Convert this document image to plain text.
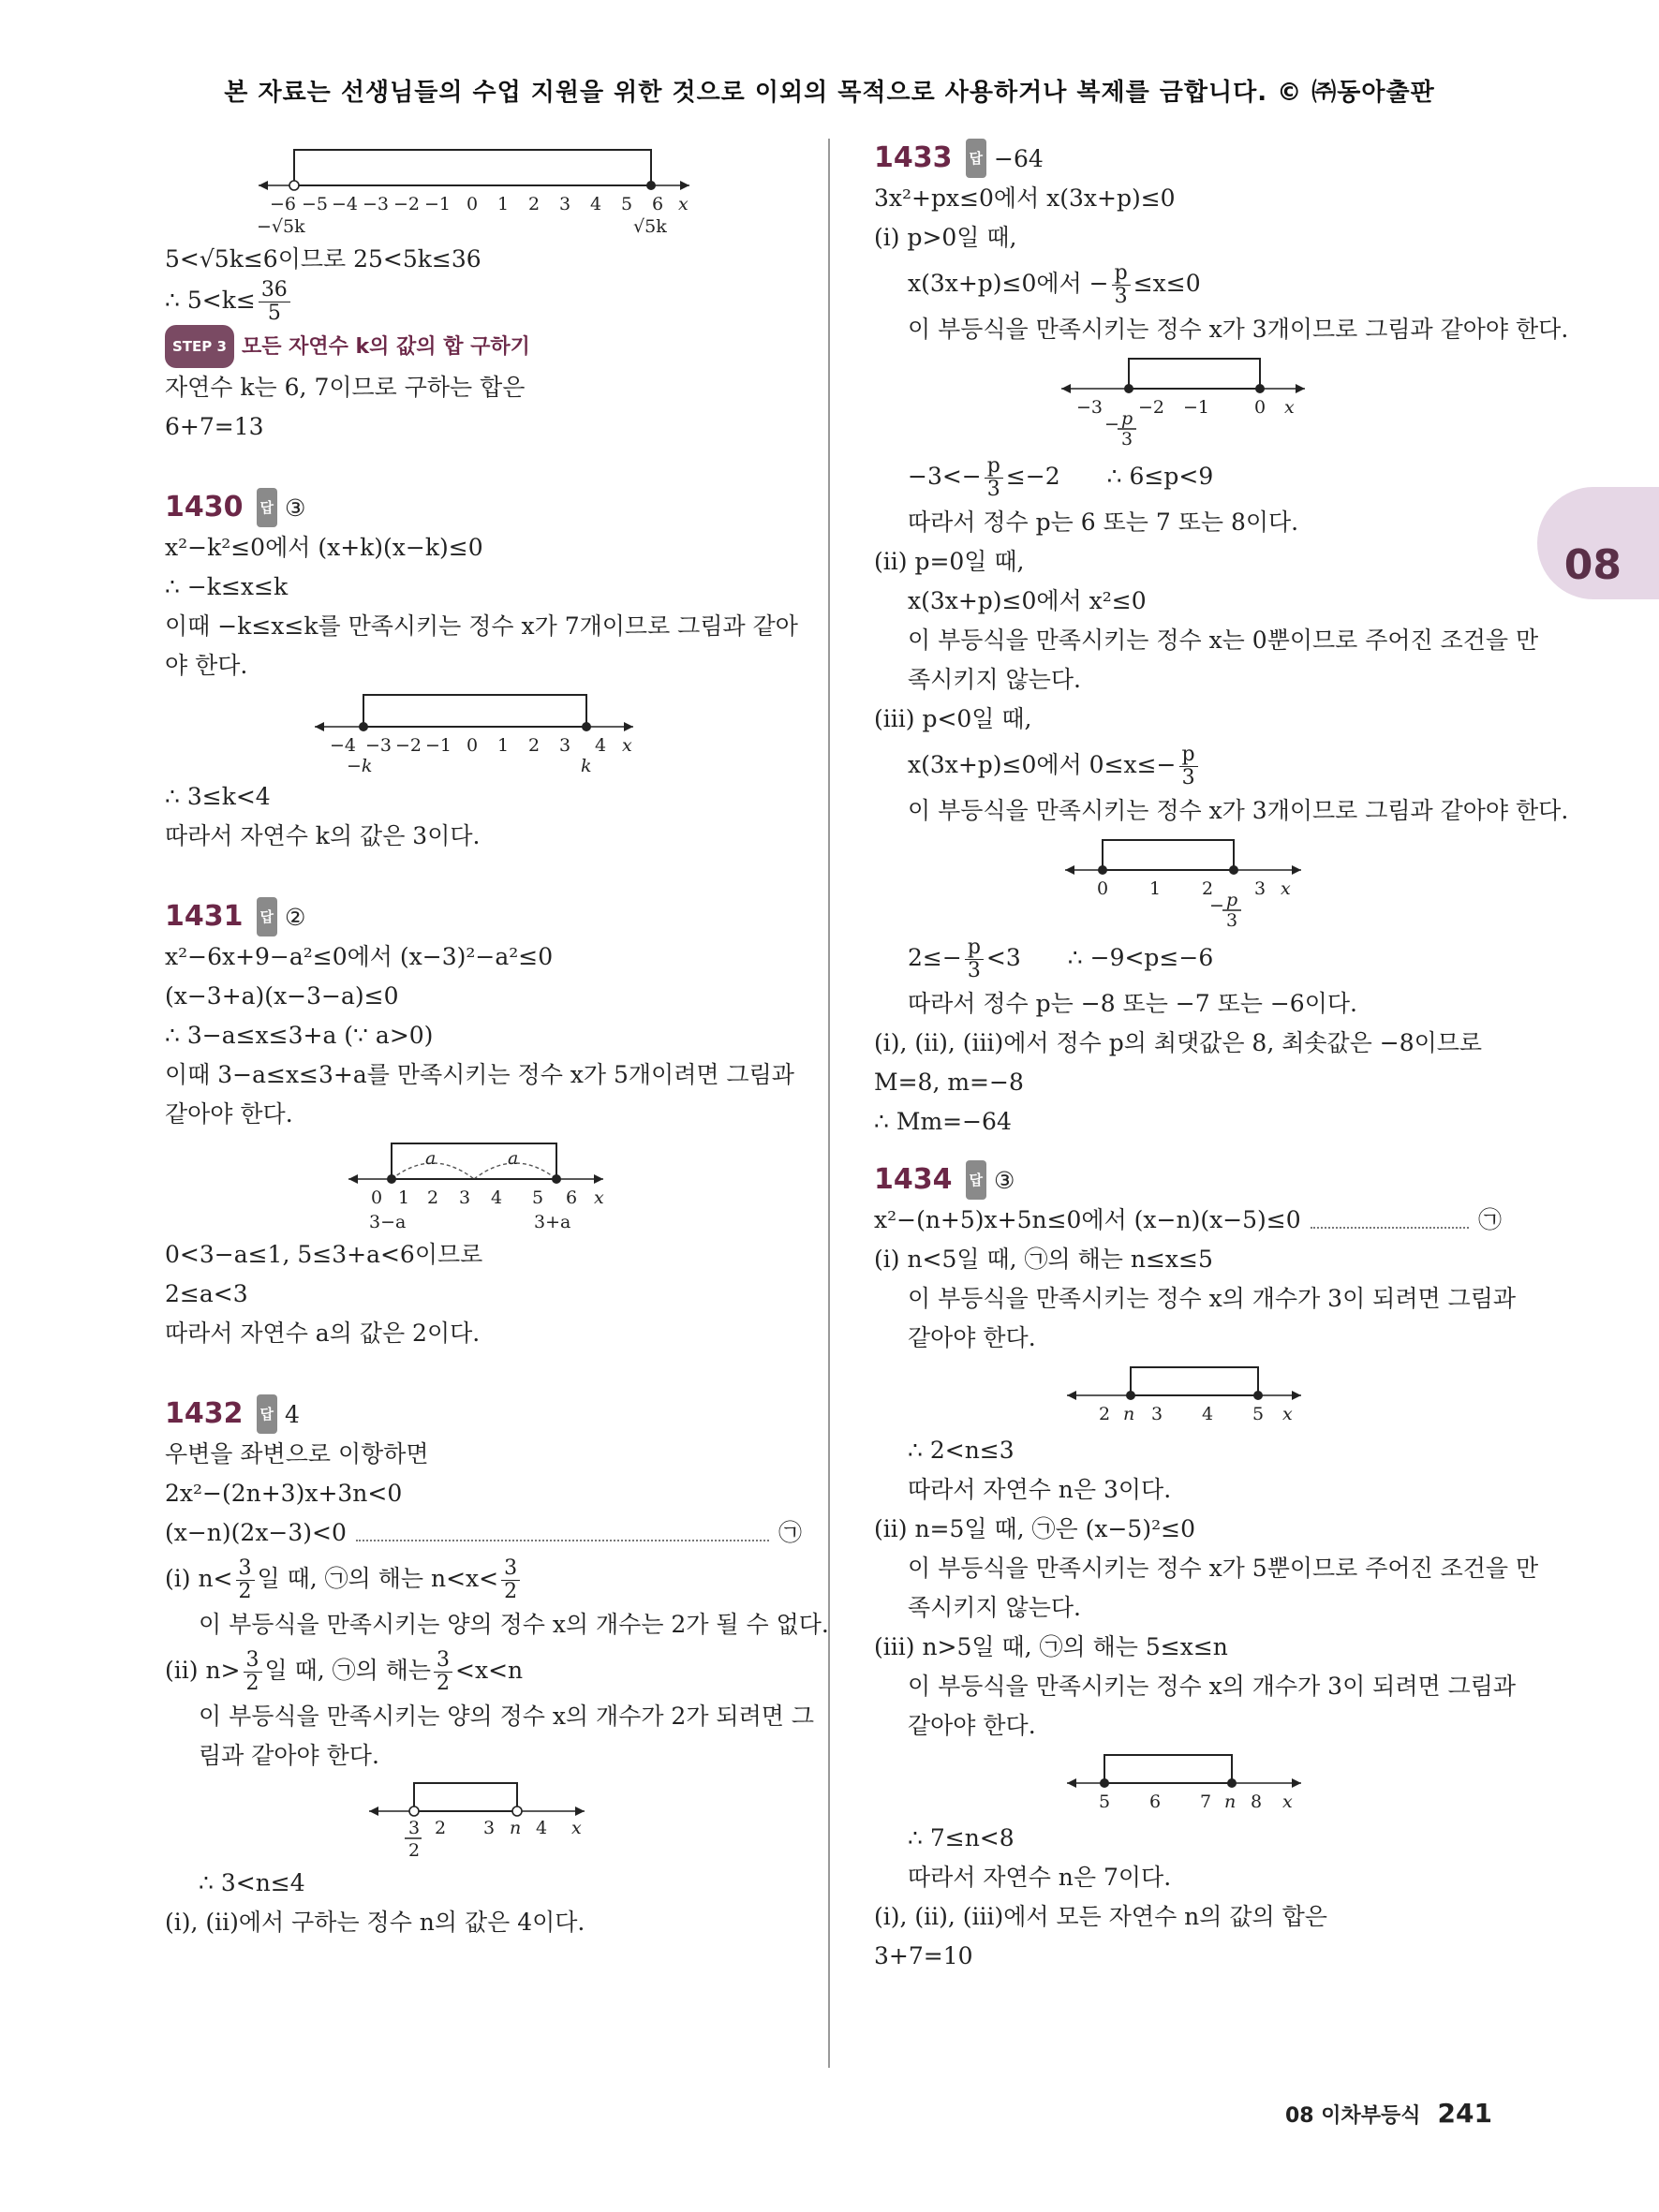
본 자료는 선생님들의 수업 지원을 위한 것으로 이외의 목적으로 사용하거나 복제를 금합니다. © ㈜동아출판
08
−6 −5 −4 −3 −2 −1 0 1 2 3 4 5 6 x
−√5k	√5k
5<√5k≤6이므로 25<5k≤36
∴ $5<k\le \frac{36}{5}$
STEP 3 모든 자연수 k의 값의 합 구하기
자연수 k는 6, 7이므로 구하는 합은
6+7=13
1430 답 ③
x²−k²≤0에서 (x+k)(x−k)≤0
∴ −k≤x≤k
이때 −k≤x≤k를 만족시키는 정수 x가 7개이므로 그림과 같아
야 한다.
−4 −3 −2 −1 0 1 2 3 4 x
−k	k
∴ 3≤k<4
따라서 자연수 k의 값은 3이다.
1431 답 ②
x²−6x+9−a²≤0에서 (x−3)²−a²≤0
(x−3+a)(x−3−a)≤0
∴ 3−a≤x≤3+a (∵ a>0)
이때 3−a≤x≤3+a를 만족시키는 정수 x가 5개이려면 그림과
같아야 한다.
a	a
0 1 2 3 4 5 6 x
3−a	3+a
0<3−a≤1, 5≤3+a<6이므로
2≤a<3
따라서 자연수 a의 값은 2이다.
1432 답 4
우변을 좌변으로 이항하면
2x²−(2n+3)x+3n<0
(x−n)(2x−3)<0	㉠
(ⅰ) $n< \frac{3}{2}$ 일 때, ㉠의 해는 $n<x< \frac{3}{2}$
이 부등식을 만족시키는 양의 정수 x의 개수는 2가 될 수 없다.
(ⅱ) $n> \frac{3}{2}$ 일 때, ㉠의 해는 $\frac{3}{2} <x<n$
이 부등식을 만족시키는 양의 정수 x의 개수가 2가 되려면 그
림과 같아야 한다.
3
2
2 3 n 4 x
∴ 3<n≤4
(ⅰ), (ⅱ)에서 구하는 정수 n의 값은 4이다.
1433 답 −64
3x²+px≤0에서 x(3x+p)≤0
(ⅰ) p>0일 때,
x(3x+p)≤0에서 − $\frac{p}{3} \le x\le 0$
이 부등식을 만족시키는 정수 x가 3개이므로 그림과 같아야 한다.
−3 −2 −1	0 x
− p
3
$-3<- \frac{p}{3} \le-2$ ∴ 6≤p<9
따라서 정수 p는 6 또는 7 또는 8이다.
(ⅱ) p=0일 때,
x(3x+p)≤0에서 x²≤0
이 부등식을 만족시키는 정수 x는 0뿐이므로 주어진 조건을 만
족시키지 않는다.
(ⅲ) p<0일 때,
x(3x+p)≤0에서 $0\le x\le- \frac{p}{3}$
이 부등식을 만족시키는 정수 x가 3개이므로 그림과 같아야 한다.
0 1 2 3 x
− p
3
$2\le- \frac{p}{3} <3$ ∴ −9<p≤−6
따라서 정수 p는 −8 또는 −7 또는 −6이다.
(ⅰ), (ⅱ), (ⅲ)에서 정수 p의 최댓값은 8, 최솟값은 −8이므로
M=8, m=−8
∴ Mm=−64
1434 답 ③
x²−(n+5)x+5n≤0에서 (x−n)(x−5)≤0	㉠
(ⅰ) n<5일 때, ㉠의 해는 n≤x≤5
이 부등식을 만족시키는 정수 x의 개수가 3이 되려면 그림과
같아야 한다.
2 n 3 4 5 x
∴ 2<n≤3
따라서 자연수 n은 3이다.
(ⅱ) n=5일 때, ㉠은 (x−5)²≤0
이 부등식을 만족시키는 정수 x가 5뿐이므로 주어진 조건을 만
족시키지 않는다.
(ⅲ) n>5일 때, ㉠의 해는 5≤x≤n
이 부등식을 만족시키는 정수 x의 개수가 3이 되려면 그림과
같아야 한다.
5 6 7 n 8 x
∴ 7≤n<8
따라서 자연수 n은 7이다.
(ⅰ), (ⅱ), (ⅲ)에서 모든 자연수 n의 값의 합은
3+7=10
08 이차부등식 241
